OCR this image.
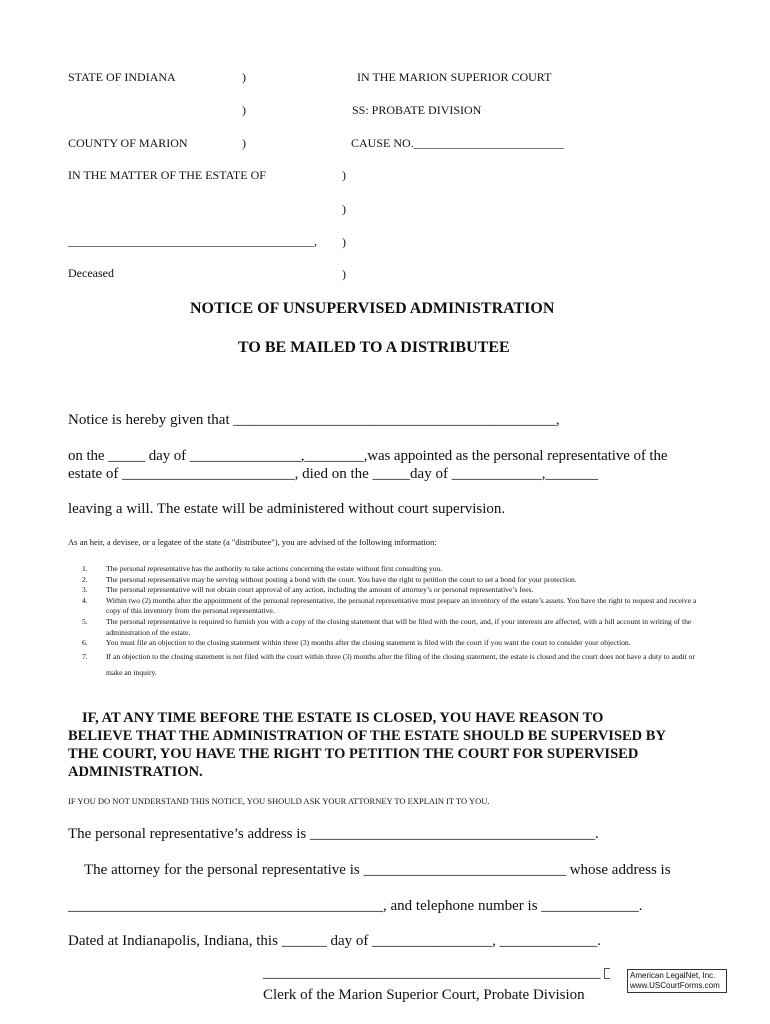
STATE OF INDIANA	)	IN THE MARION SUPERIOR COURT
)	SS: PROBATE DIVISION
COUNTY OF MARION	)	CAUSE NO._________________________
IN THE MATTER OF THE ESTATE OF	)
)
_________________________________________, )
Deceased	)
NOTICE OF UNSUPERVISED ADMINISTRATION
TO BE MAILED TO A DISTRIBUTEE
Notice is hereby given that ___________________________________________,
on the _____ day of _______________,________,was appointed as the personal representative of the
estate of _______________________, died on the _____day of ____________,_______
leaving a will. The estate will be administered without court supervision.
As an heir, a devisee, or a legatee of the state (a "distributee"), you are advised of the following information:
1.	The personal representative has the authority to take actions concerning the estate without first consulting you.
2.	The personal representative may be serving without posting a bond with the court. You have the right to petition the court to set a bond for your protection.
3.	The personal representative will not obtain court approval of any action, including the amount of attorney’s or personal representative’s fees.
4.	Within two (2) months after the appointment of the personal representative, the personal representative must prepare an inventory of the estate’s assets. You have the right to request and receive a copy of this inventory from the personal representative.
5.	The personal representative is required to furnish you with a copy of the closing statement that will be filed with the court, and, if your interests are affected, with a full account in writing of the administration of the estate.
6.	You must file an objection to the closing statement within three (3) months after the closing statement is filed with the court if you want the court to consider your objection.
7.	If an objection to the closing statement is not filed with the court within three (3) months after the filing of the closing statement, the estate is closed and the court does not have a duty to audit or make an inquiry.
IF, AT ANY TIME BEFORE THE ESTATE IS CLOSED, YOU HAVE REASON TO
BELIEVE THAT THE ADMINISTRATION OF THE ESTATE SHOULD BE SUPERVISED BY
THE COURT, YOU HAVE THE RIGHT TO PETITION THE COURT FOR SUPERVISED
ADMINISTRATION.
IF YOU DO NOT UNDERSTAND THIS NOTICE, YOU SHOULD ASK YOUR ATTORNEY TO EXPLAIN IT TO YOU.
The personal representative’s address is ______________________________________.
The attorney for the personal representative is ___________________________ whose address is
__________________________________________, and telephone number is _____________.
Dated at Indianapolis, Indiana, this ______ day of ________________, _____________.
_____________________________________________
Clerk of the Marion Superior Court, Probate Division
American LegalNet, Inc.
www.USCourtForms.com
